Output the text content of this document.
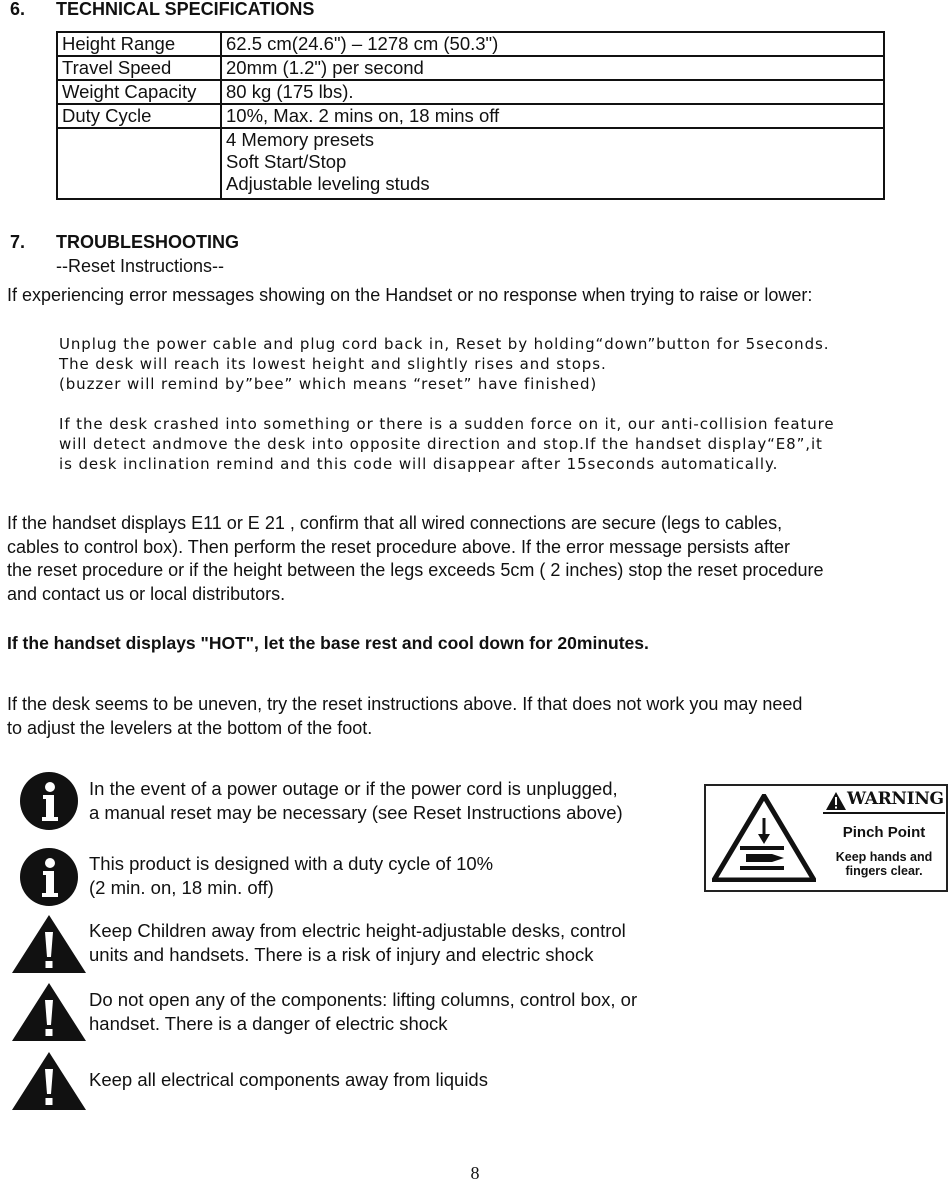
6. TECHNICAL SPECIFICATIONS
Height Range	62.5 cm(24.6") – 1278 cm (50.3")
Travel Speed	20mm (1.2") per second
Weight Capacity	80 kg (175 lbs).
Duty Cycle	10%, Max. 2 mins on, 18 mins off

	4 Memory presets
Soft Start/Stop
Adjustable leveling studs
7. TROUBLESHOOTING
--Reset Instructions--
If experiencing error messages showing on the Handset or no response when trying to raise or lower:
Unplug the power cable and plug cord back in, Reset by holding“down”button for 5seconds.
The desk will reach its lowest height and slightly rises and stops.
(buzzer will remind by”bee” which means “reset” have finished)
If the desk crashed into something or there is a sudden force on it, our anti-collision feature
will detect andmove the desk into opposite direction and stop.If the handset display“E8”,it
is desk inclination remind and this code will disappear after 15seconds automatically.
If the handset displays E11 or E 21 , confirm that all wired connections are secure (legs to cables,
cables to control box). Then perform the reset procedure above. If the error message persists after
the reset procedure or if the height between the legs exceeds 5cm ( 2 inches) stop the reset procedure
and contact us or local distributors.
If the handset displays "HOT", let the base rest and cool down for 20minutes.
If the desk seems to be uneven, try the reset instructions above. If that does not work you may need
to adjust the levelers at the bottom of the foot.
In the event of a power outage or if the power cord is unplugged,
a manual reset may be necessary (see Reset Instructions above)
This product is designed with a duty cycle of 10%
(2 min. on, 18 min. off)
Keep Children away from electric height-adjustable desks, control
units and handsets. There is a risk of injury and electric shock
Do not open any of the components: lifting columns, control box, or
handset. There is a danger of electric shock
Keep all electrical components away from liquids
WARNING
Pinch Point
Keep hands and
fingers clear.
8
